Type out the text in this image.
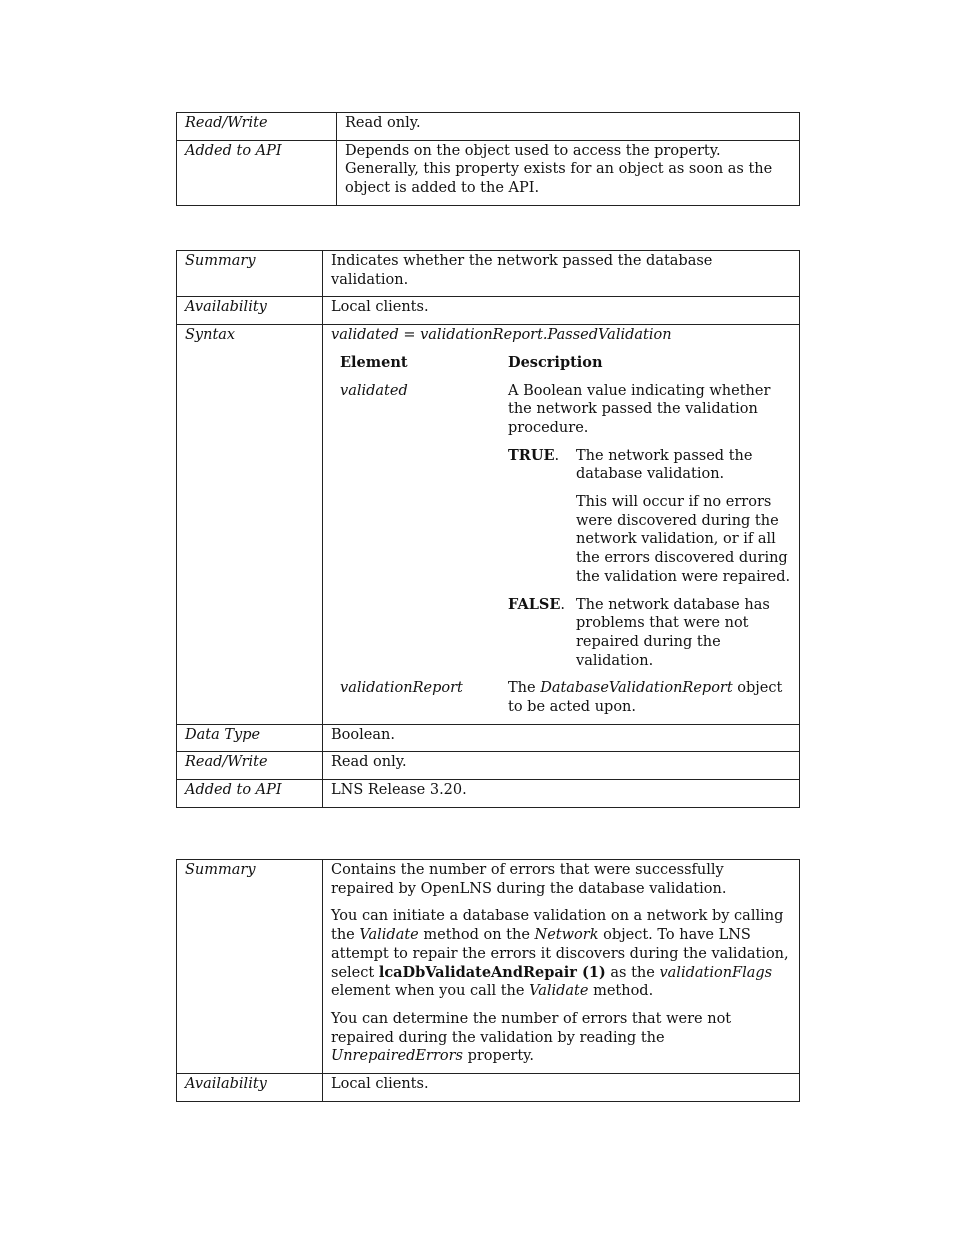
Read/Write	Read only.
Added to API	Depends on the object used to access the property. Generally, this property exists for an object as soon as the object is added to the API.
Summary	Indicates whether the network passed the database validation.
Availability	Local clients.
Syntax	validated = validationReport.PassedValidation
Element	Description
validated	A Boolean value indicating whether the network passed the validation procedure.

TRUE.	The network passed the database validation.

This will occur if no errors were discovered during the network validation, or if all the errors discovered during the validation were repaired.

FALSE. The network database has problems that were not repaired during the validation.

validationReport	The DatabaseValidationReport object to be acted upon.

Data Type	Boolean.
Read/Write	Read only.
Added to API	LNS Release 3.20.
Summary	Contains the number of errors that were successfully repaired by OpenLNS during the database validation.

You can initiate a database validation on a network by calling the Validate method on the Network object. To have LNS attempt to repair the errors it discovers during the validation, select lcaDbValidateAndRepair (1) as the validationFlags element when you call the Validate method.

You can determine the number of errors that were not repaired during the validation by reading the UnrepairedErrors property.

Availability	Local clients.
